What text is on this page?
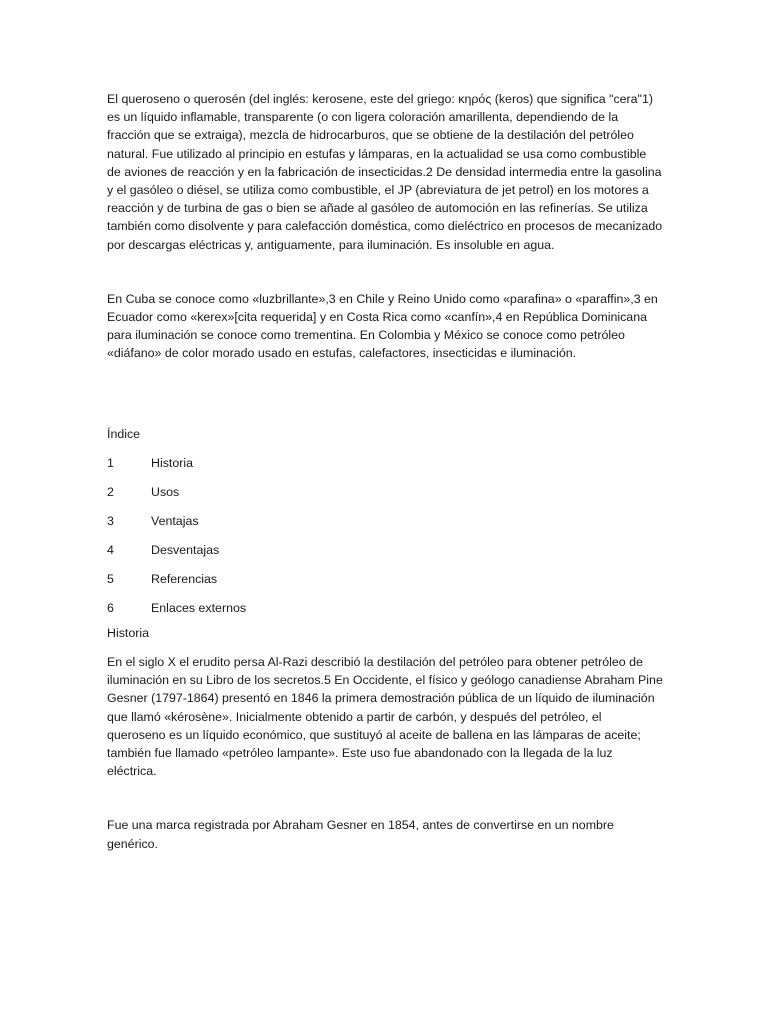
El queroseno o querosén (del inglés: kerosene, este del griego: κηρός (keros) que significa "cera"1) es un líquido inflamable, transparente (o con ligera coloración amarillenta, dependiendo de la fracción que se extraiga), mezcla de hidrocarburos, que se obtiene de la destilación del petróleo natural. Fue utilizado al principio en estufas y lámparas, en la actualidad se usa como combustible de aviones de reacción y en la fabricación de insecticidas.2 De densidad intermedia entre la gasolina y el gasóleo o diésel, se utiliza como combustible, el JP (abreviatura de jet petrol) en los motores a reacción y de turbina de gas o bien se añade al gasóleo de automoción en las refinerías. Se utiliza también como disolvente y para calefacción doméstica, como dieléctrico en procesos de mecanizado por descargas eléctricas y, antiguamente, para iluminación. Es insoluble en agua.

En Cuba se conoce como «luzbrillante»,3 en Chile y Reino Unido como «parafina» o «paraffin»,3 en Ecuador como «kerex»[cita requerida] y en Costa Rica como «canfín»,4 en República Dominicana para iluminación se conoce como trementina. En Colombia y México se conoce como petróleo «diáfano» de color morado usado en estufas, calefactores, insecticidas e iluminación.

Índice

1	Historia
2	Usos
3	Ventajas
4	Desventajas
5	Referencias
6	Enlaces externos

Historia

En el siglo X el erudito persa Al-Razi describió la destilación del petróleo para obtener petróleo de iluminación en su Libro de los secretos.5 En Occidente, el físico y geólogo canadiense Abraham Pine Gesner (1797-1864) presentó en 1846 la primera demostración pública de un líquido de iluminación que llamó «kérosène». Inicialmente obtenido a partir de carbón, y después del petróleo, el queroseno es un líquido económico, que sustituyó al aceite de ballena en las lámparas de aceite; también fue llamado «petróleo lampante». Este uso fue abandonado con la llegada de la luz eléctrica.

Fue una marca registrada por Abraham Gesner en 1854, antes de convertirse en un nombre genérico.
